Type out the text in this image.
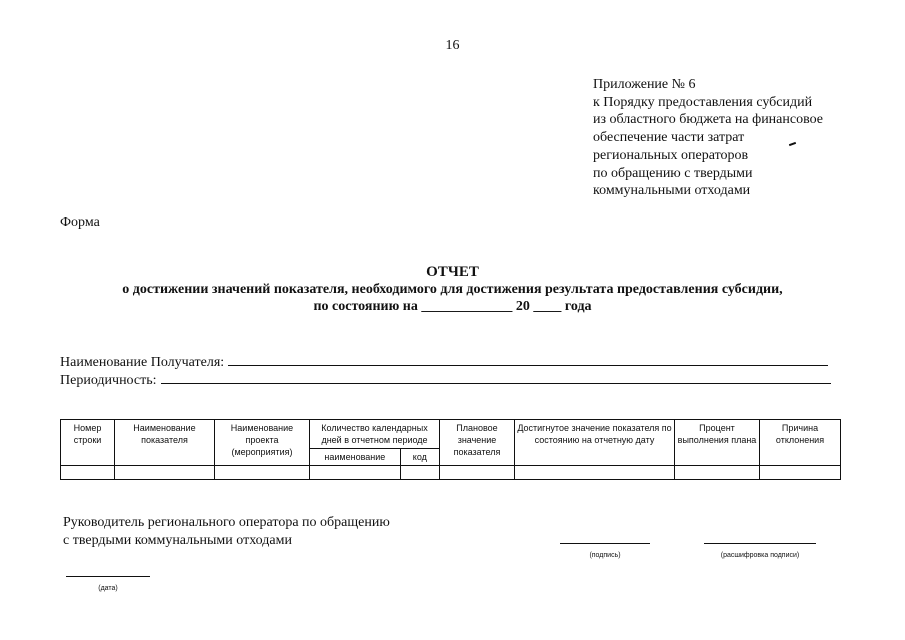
16
Приложение № 6
к Порядку предоставления субсидий
из областного бюджета на финансовое
обеспечение части затрат
региональных операторов
по обращению с твердыми
коммунальными отходами
Форма
ОТЧЕТ
о достижении значений показателя, необходимого для достижения результата предоставления субсидии,
по состоянию на _____________ 20 ____ года
Наименование Получателя:
Периодичность:
Номер строки	Наименование показателя	Наименование проекта (мероприятия)	Количество календарных дней в отчетном периоде		Плановое значение показателя	Достигнутое значение показателя по состоянию на отчетную дату	Процент выполнения плана	Причина отклонения
			наименование	код				

Руководитель регионального оператора по обращению
с твердыми коммунальными отходами
(подпись)	(расшифровка подписи)
(дата)
